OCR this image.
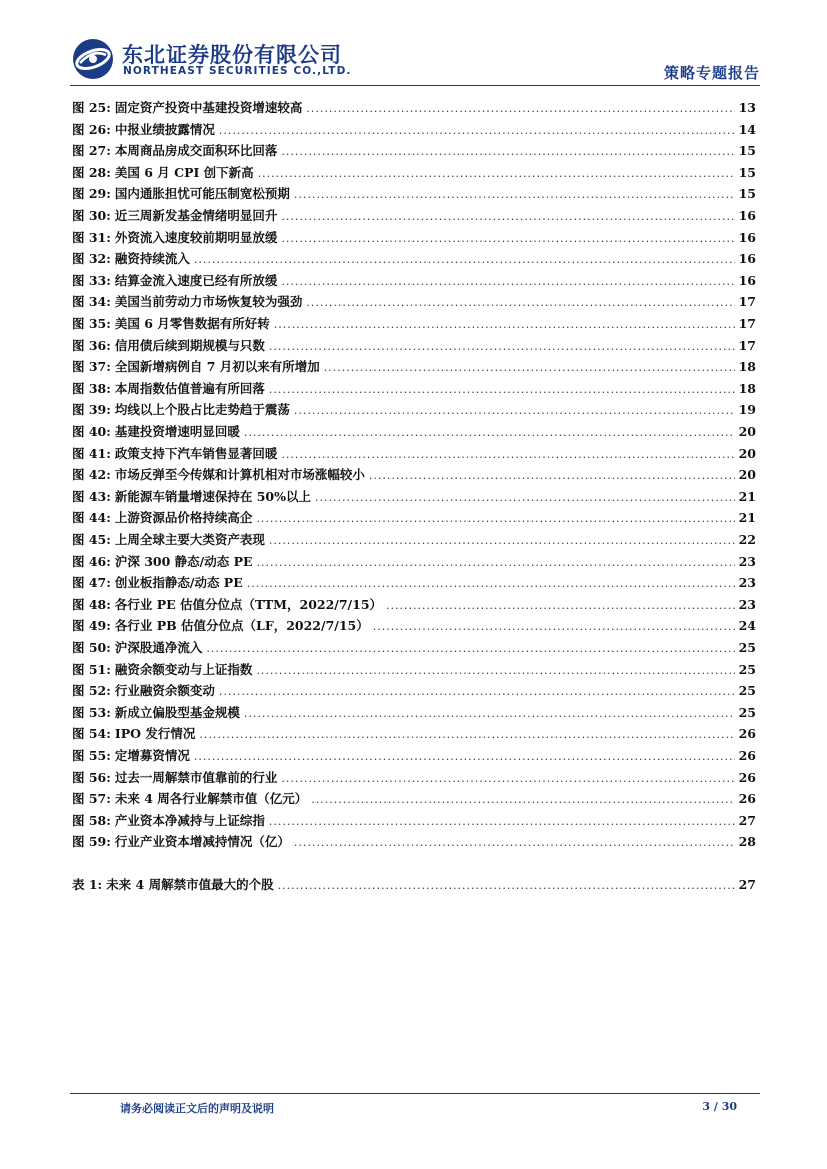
东北证券股份有限公司
NORTHEAST SECURITIES CO.,LTD.	策略专题报告
图 25: 固定资产投资中基建投资增速较高 .....	13
图 26: 中报业绩披露情况 .....	14
图 27: 本周商品房成交面积环比回落 .....	15
图 28: 美国 6 月 CPI 创下新高 .....	15
图 29: 国内通胀担忧可能压制宽松预期 .....	15
图 30: 近三周新发基金情绪明显回升 .....	16
图 31: 外资流入速度较前期明显放缓 .....	16
图 32: 融资持续流入 .....	16
图 33: 结算金流入速度已经有所放缓 .....	16
图 34: 美国当前劳动力市场恢复较为强劲 .....	17
图 35: 美国 6 月零售数据有所好转 .....	17
图 36: 信用债后续到期规模与只数 .....	17
图 37: 全国新增病例自 7 月初以来有所增加 .....	18
图 38: 本周指数估值普遍有所回落 .....	18
图 39: 均线以上个股占比走势趋于震荡 .....	19
图 40: 基建投资增速明显回暖 .....	20
图 41: 政策支持下汽车销售显著回暖 .....	20
图 42: 市场反弹至今传媒和计算机相对市场涨幅较小 .....	20
图 43: 新能源车销量增速保持在 50%以上 .....	21
图 44: 上游资源品价格持续高企 .....	21
图 45: 上周全球主要大类资产表现 .....	22
图 46: 沪深 300 静态/动态 PE .....	23
图 47: 创业板指静态/动态 PE .....	23
图 48: 各行业 PE 估值分位点（TTM，2022/7/15） .....	23
图 49: 各行业 PB 估值分位点（LF，2022/7/15） .....	24
图 50: 沪深股通净流入 .....	25
图 51: 融资余额变动与上证指数 .....	25
图 52: 行业融资余额变动 .....	25
图 53: 新成立偏股型基金规模 .....	25
图 54: IPO 发行情况 .....	26
图 55: 定增募资情况 .....	26
图 56: 过去一周解禁市值靠前的行业 .....	26
图 57: 未来 4 周各行业解禁市值（亿元） .....	26
图 58: 产业资本净减持与上证综指 .....	27
图 59: 行业产业资本增减持情况（亿） .....	28
表 1: 未来 4 周解禁市值最大的个股 .....	27
请务必阅读正文后的声明及说明	3 / 30
